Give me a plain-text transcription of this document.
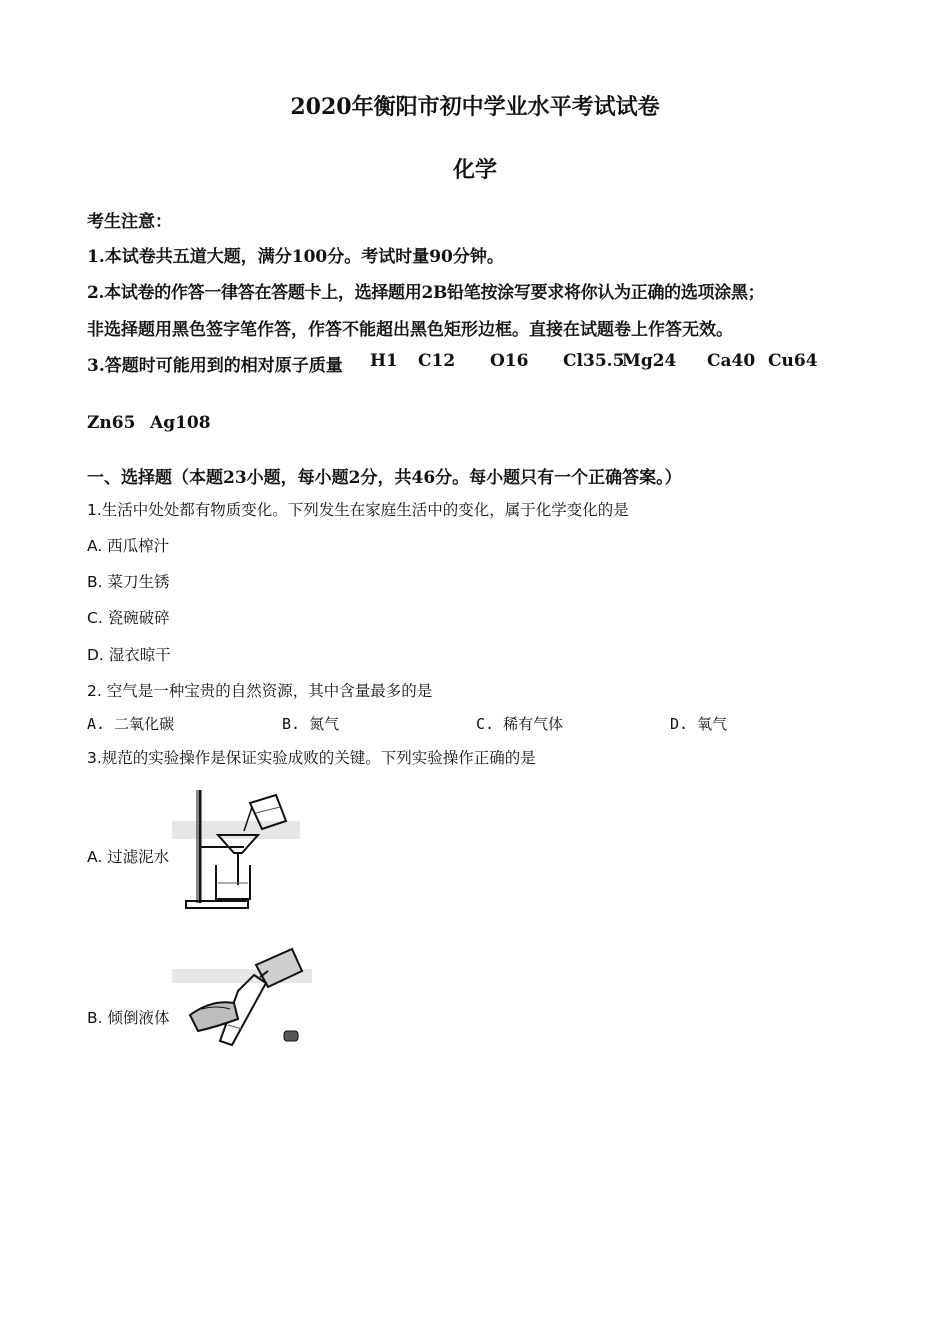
2020年衡阳市初中学业水平考试试卷
化学
考生注意：
1.本试卷共五道大题，满分100分。考试时量90分钟。
2.本试卷的作答一律答在答题卡上，选择题用2B铅笔按涂写要求将你认为正确的选项涂黑；
非选择题用黑色签字笔作答，作答不能超出黑色矩形边框。直接在试题卷上作答无效。
3.答题时可能用到的相对原子质量 H1 C12 O16 Cl35.5
Mg24 Ca40 Cu64
Zn65 Ag108
一、选择题（本题23小题，每小题2分，共46分。每小题只有一个正确答案。）
1.生活中处处都有物质变化。下列发生在家庭生活中的变化，属于化学变化的是
A. 西瓜榨汁
B. 菜刀生锈
C. 瓷碗破碎
D. 湿衣晾干
2. 空气是一种宝贵的自然资源，其中含量最多的是
A. 二氧化碳	B. 氮气	C. 稀有气体	D. 氧气
3.规范的实验操作是保证实验成败的关键。下列实验操作正确的是
A. 过滤泥水
B. 倾倒液体
